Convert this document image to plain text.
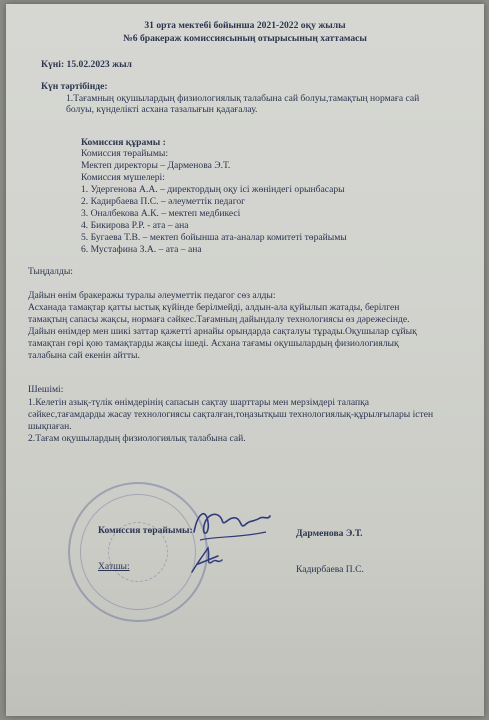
31 орта мектебі бойынша 2021-2022 оқу жылы
№6 бракераж комиссиясының отырысының хаттамасы
Күні: 15.02.2023 жыл
Күн тәртібінде:
1.Тағамның оқушылардың физиологиялық талабына сай болуы,тамақтың нормаға сай
болуы, күнделікті асхана тазалығын қадағалау.
Комиссия құрамы :
Комиссия төрайымы:
Мектеп директоры – Дарменова Э.Т.
Комиссия мүшелері:
1. Удергенова А.А. – директордың оқу ісі жөніндегі орынбасары
2. Кадирбаева П.С. – әлеуметтік педагог
3. Оналбекова А.К. – мектеп медбикесі
4. Бикирова Р.Р. - ата – ана
5. Бугаева Т.В. – мектеп бойынша ата-аналар комитеті төрайымы
6. Мустафина З.А. – ата – ана
Тыңдалды:
Дайын өнім бракеражы туралы әлеуметтік педагог сөз алды:
Асханада тамақтар қатты ыстық күйінде берілмейді, алдын-ала қуйылып жатады, берілген
тамақтың сапасы жақсы, нормаға сәйкес.Тағамның дайындалу технологиясы өз дәрежесінде.
Дайын өнімдер мен шикі заттар қажетті арнайы орындарда сақталуы тұрады.Оқушылар сұйық
тамақтан гөрі қою тамақтарды жақсы ішеді. Асхана тағамы оқушылардың физиологиялық
талабына сай екенін айтты.
Шешімі:
1.Келетін азық-түлік өнімдерінің сапасын сақтау шарттары мен мерзімдері талапқа
сәйкес,тағамдарды жасау технологиясы сақталған,тоңазытқыш технологиялық-құрылғылары істен
шықпаған.
2.Тағам оқушылардың физиологиялық талабына сай.
Комиссия төрайымы:	Дарменова Э.Т.
Хатшы:	Кадирбаева П.С.
